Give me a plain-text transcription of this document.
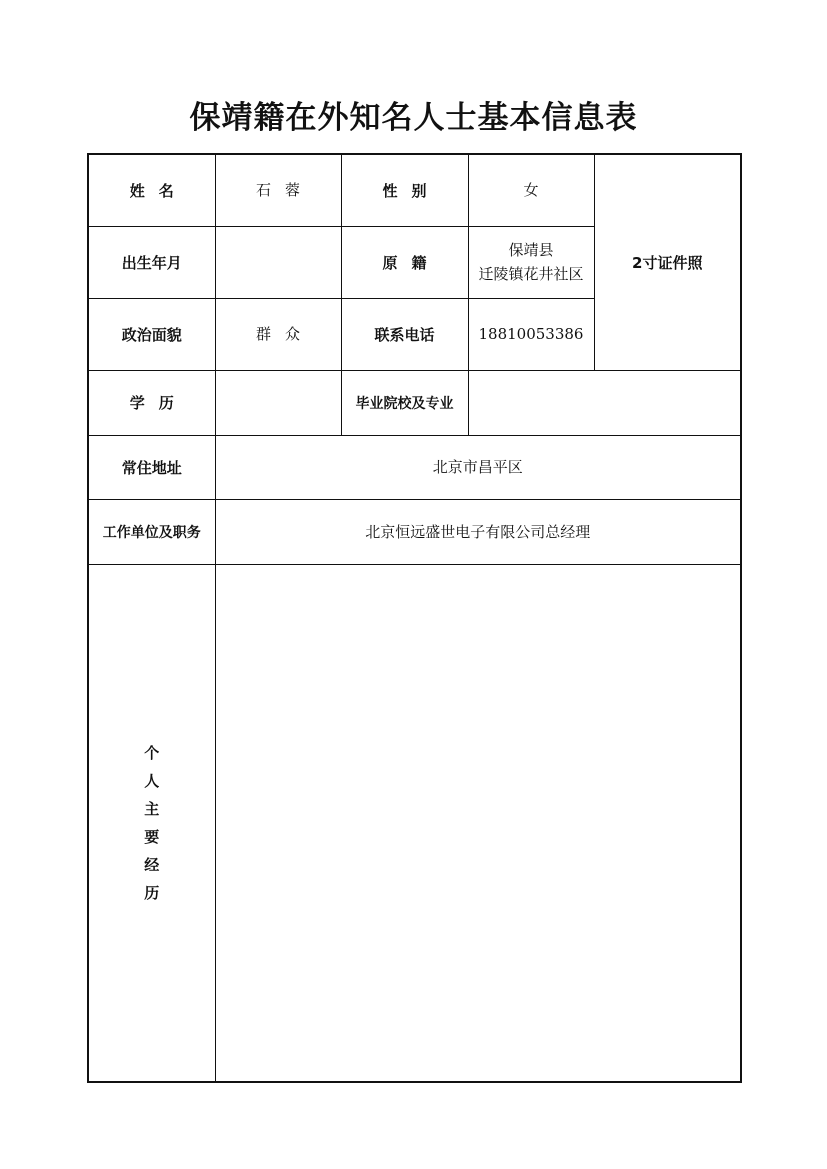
保靖籍在外知名人士基本信息表
姓名	石蓉	性别	女	2寸证件照
出生年月		原籍	保靖县
迁陵镇花井社区	

政治面貌	群众	联系电话	18810053386	
学历		毕业院校及专业		
常住地址	北京市昌平区			
工作单位及职务	北京恒远盛世电子有限公司总经理			
个人主要经历				
